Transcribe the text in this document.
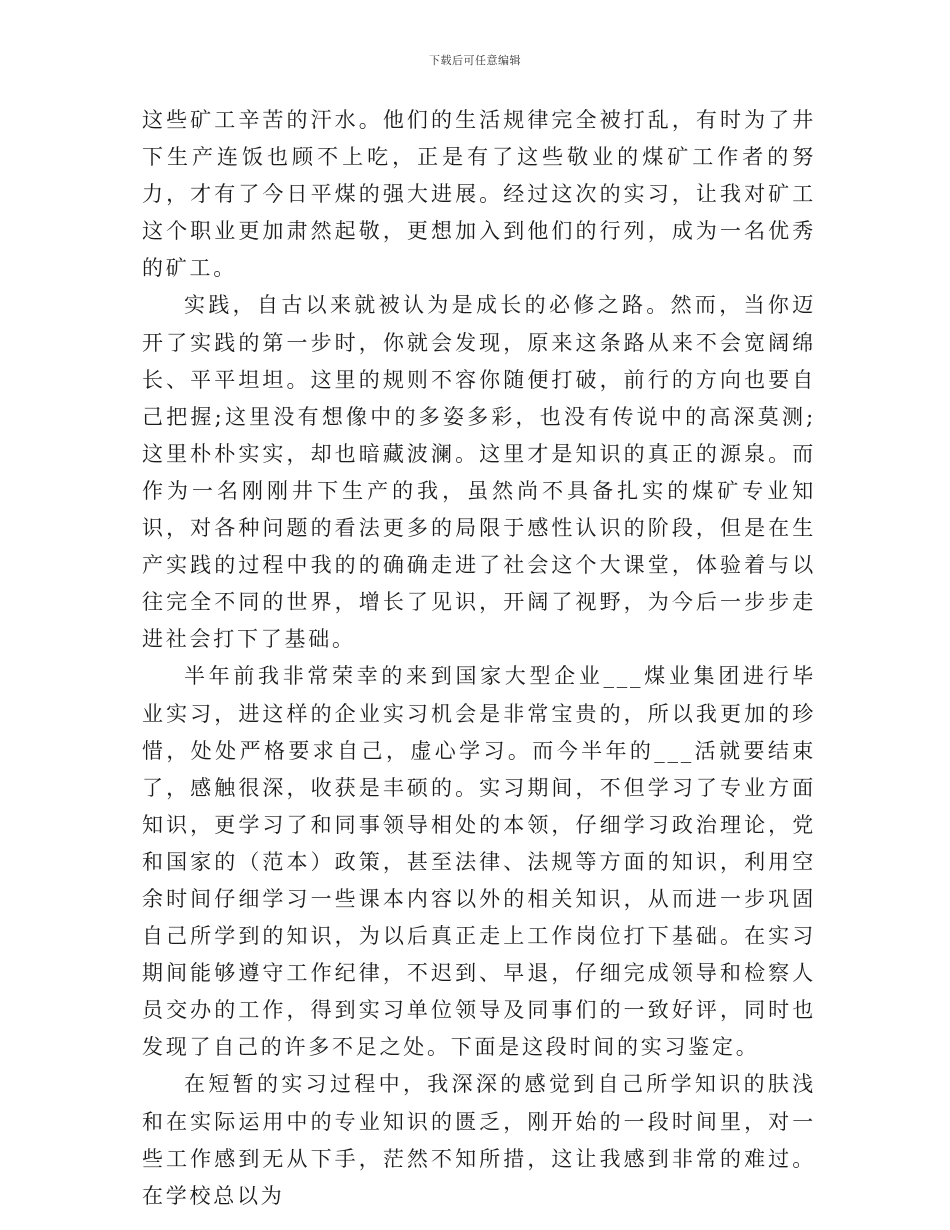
下载后可任意编辑

这些矿工辛苦的汗水。他们的生活规律完全被打乱，有时为了井下生产连饭也顾不上吃，正是有了这些敬业的煤矿工作者的努力，才有了今日平煤的强大进展。经过这次的实习，让我对矿工这个职业更加肃然起敬，更想加入到他们的行列，成为一名优秀的矿工。

实践，自古以来就被认为是成长的必修之路。然而，当你迈开了实践的第一步时，你就会发现，原来这条路从来不会宽阔绵长、平平坦坦。这里的规则不容你随便打破，前行的方向也要自己把握;这里没有想像中的多姿多彩，也没有传说中的高深莫测;这里朴朴实实，却也暗藏波澜。这里才是知识的真正的源泉。而作为一名刚刚井下生产的我，虽然尚不具备扎实的煤矿专业知识，对各种问题的看法更多的局限于感性认识的阶段，但是在生产实践的过程中我的的确确走进了社会这个大课堂，体验着与以往完全不同的世界，增长了见识，开阔了视野，为今后一步步走进社会打下了基础。

半年前我非常荣幸的来到国家大型企业___煤业集团进行毕业实习，进这样的企业实习机会是非常宝贵的，所以我更加的珍惜，处处严格要求自己，虚心学习。而今半年的___活就要结束了，感触很深，收获是丰硕的。实习期间，不但学习了专业方面知识，更学习了和同事领导相处的本领，仔细学习政治理论，党和国家的（范本）政策，甚至法律、法规等方面的知识，利用空余时间仔细学习一些课本内容以外的相关知识，从而进一步巩固自己所学到的知识，为以后真正走上工作岗位打下基础。在实习期间能够遵守工作纪律，不迟到、早退，仔细完成领导和检察人员交办的工作，得到实习单位领导及同事们的一致好评，同时也发现了自己的许多不足之处。下面是这段时间的实习鉴定。

在短暂的实习过程中，我深深的感觉到自己所学知识的肤浅和在实际运用中的专业知识的匮乏，刚开始的一段时间里，对一些工作感到无从下手，茫然不知所措，这让我感到非常的难过。在学校总以为
